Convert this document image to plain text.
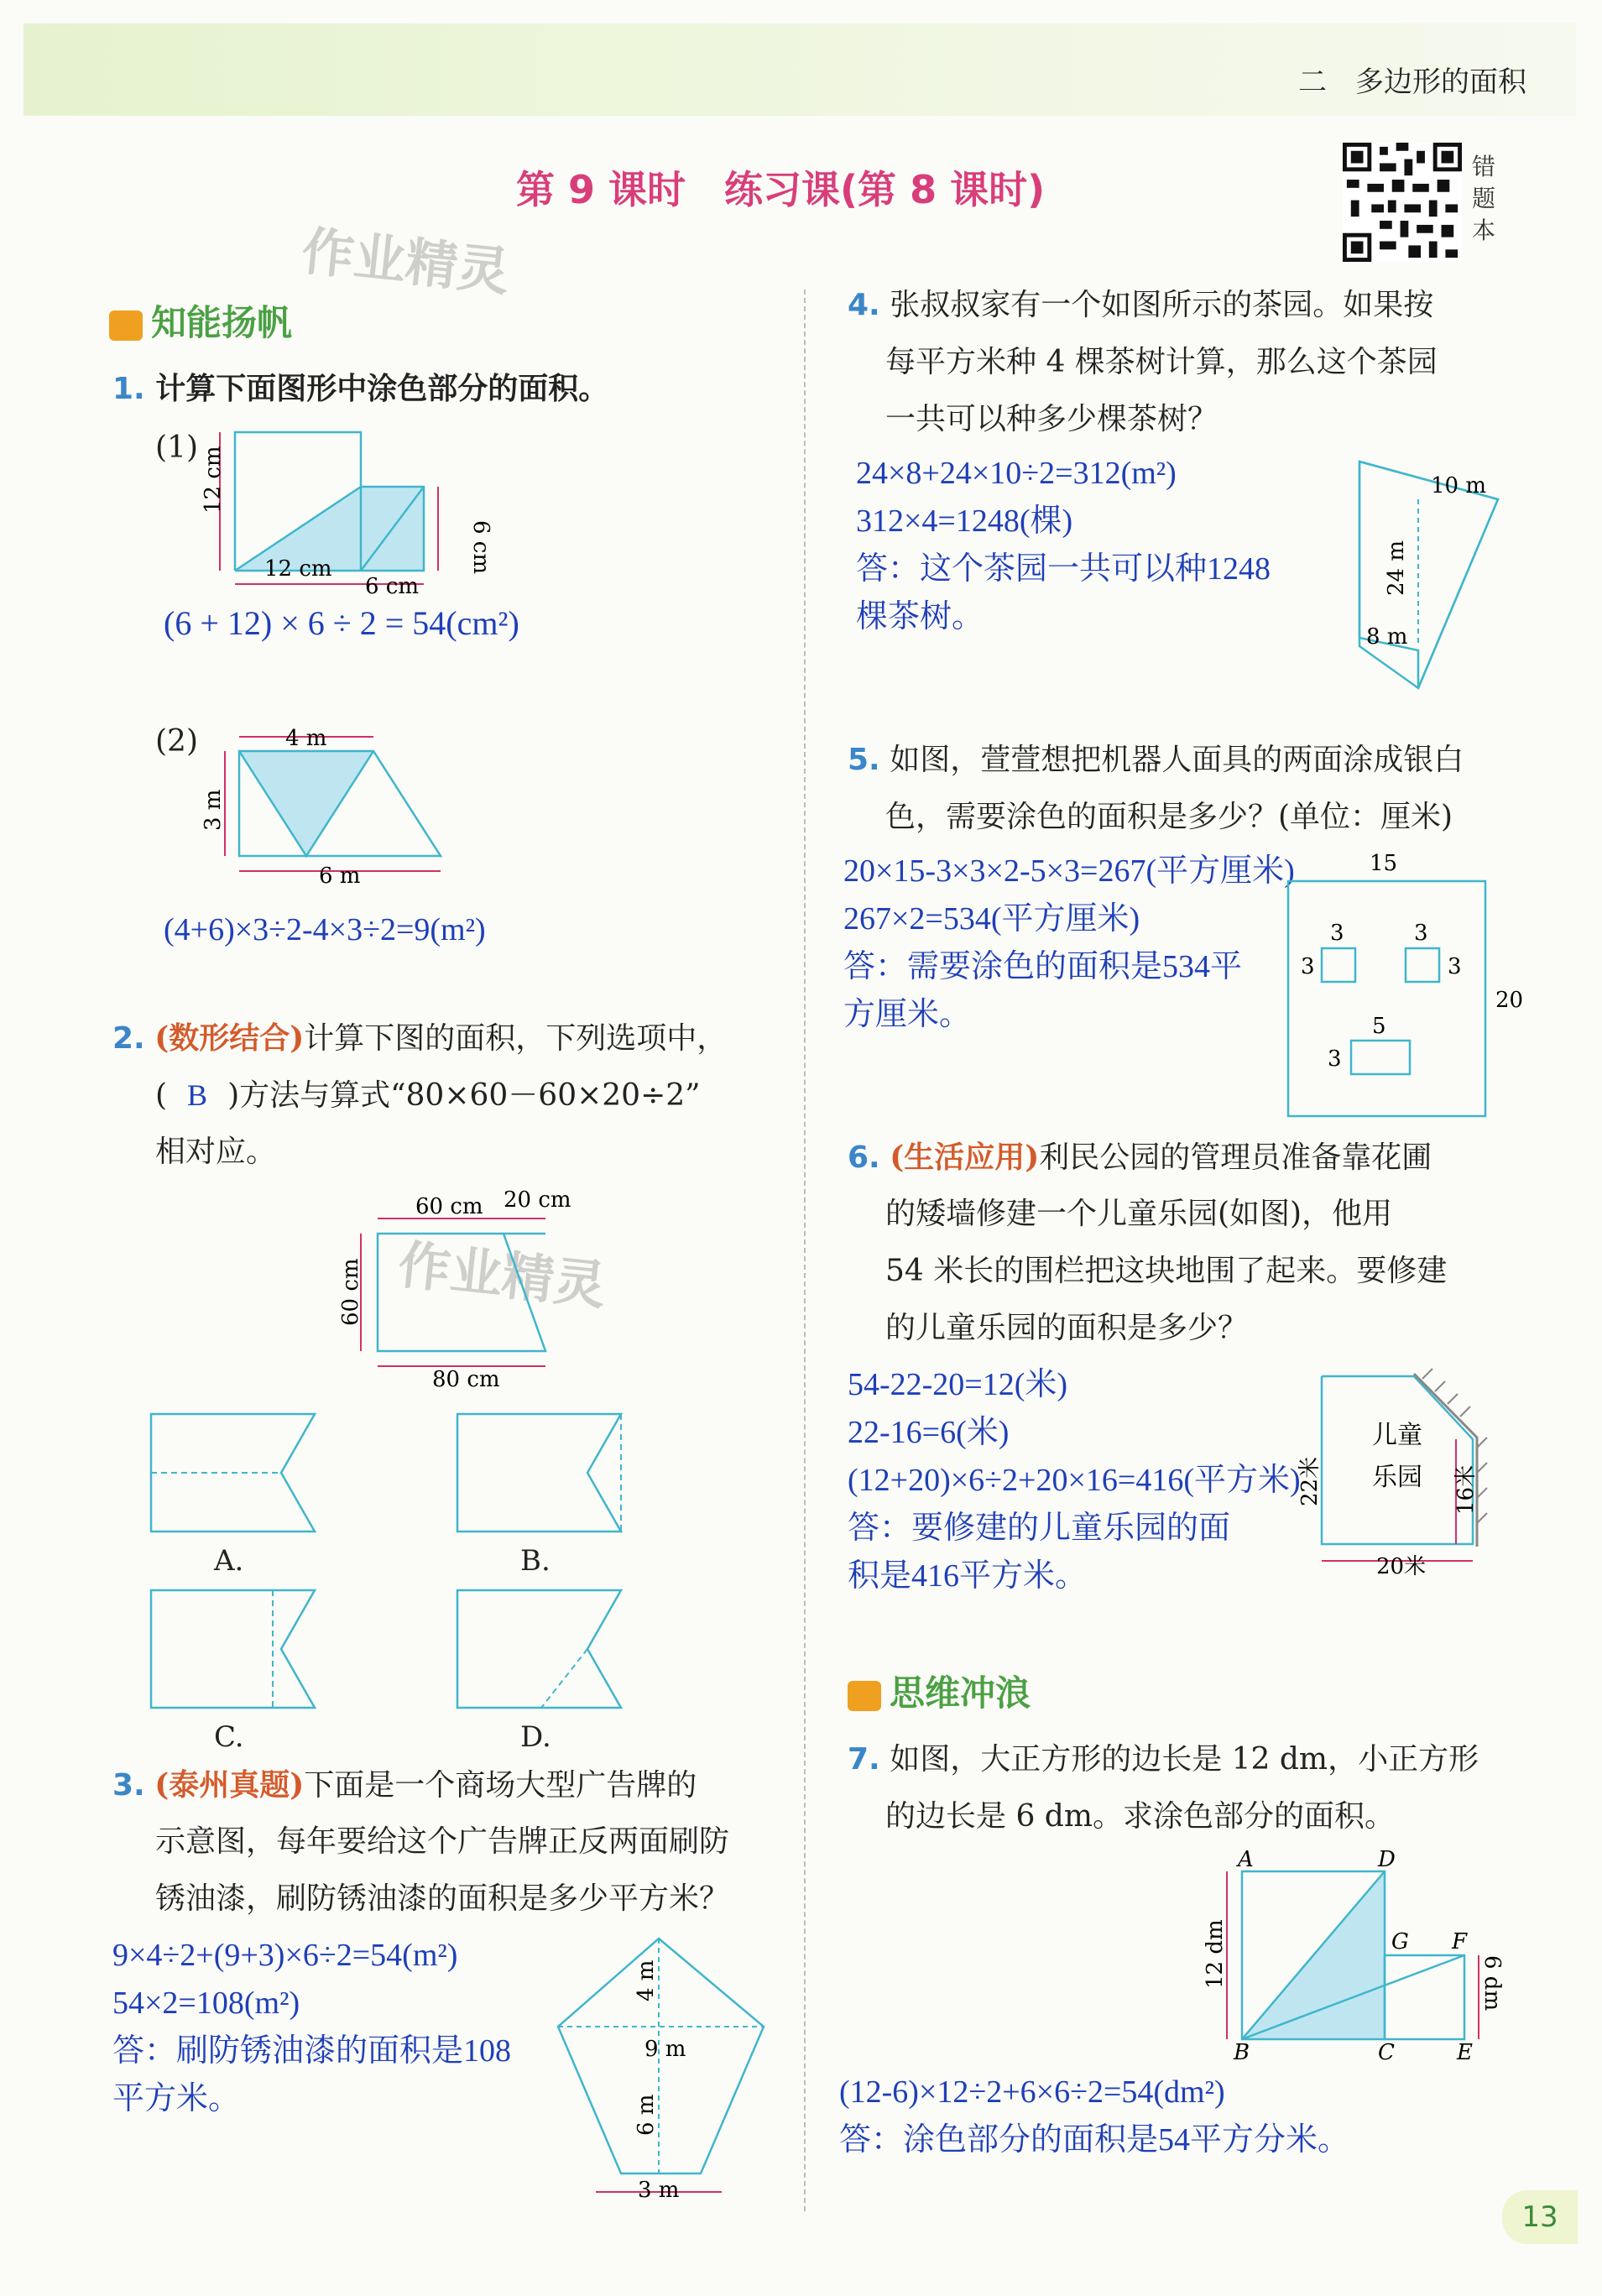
二　多边形的面积
第 9 课时　练习课(第 8 课时)
错题本
作业精灵
作业精灵
知能扬帆
1. 计算下面图形中涂色部分的面积。
(1) 12 cm
12 cm
6 cm
6 cm
(6 + 12) × 6 ÷ 2 = 54(cm²)
(2)	4 m
3 m
6 m
(4+6)×3÷2-4×3÷2=9(m²)
2. (数形结合)计算下图的面积，下列选项中，
( B )方法与算式“80×60－60×20÷2”
相对应。
60 cm 20 cm
60 cm
80 cm
A.	B.
C.	D.
3. (泰州真题)下面是一个商场大型广告牌的
示意图，每年要给这个广告牌正反两面刷防
锈油漆，刷防锈油漆的面积是多少平方米？
9×4÷2+(9+3)×6÷2=54(m²)
54×2=108(m²)
答：刷防锈油漆的面积是108
平方米。
4 m
9 m
6 m
3 m
4. 张叔叔家有一个如图所示的茶园。如果按
每平方米种 4 棵茶树计算，那么这个茶园
一共可以种多少棵茶树？
24×8+24×10÷2=312(m²)
312×4=1248(棵)
答：这个茶园一共可以种1248
棵茶树。
10 m
24 m
8 m
5. 如图，萱萱想把机器人面具的两面涂成银白
色，需要涂色的面积是多少？(单位：厘米)
20×15-3×3×2-5×3=267(平方厘米)
267×2=534(平方厘米)
答：需要涂色的面积是534平
方厘米。
15
3	3
3	3
20
5
3
6. (生活应用)利民公园的管理员准备靠花圃
的矮墙修建一个儿童乐园(如图)，他用
54 米长的围栏把这块地围了起来。要修建
的儿童乐园的面积是多少？
54-22-20=12(米)
22-16=6(米)
(12+20)×6÷2+20×16=416(平方米)
答：要修建的儿童乐园的面
积是416平方米。
儿童
乐园
22米	16米
20米
思维冲浪
7. 如图，大正方形的边长是 12 dm，小正方形
的边长是 6 dm。求涂色部分的面积。
A	D
G F
B	C	E
12 dm	6 dm
(12-6)×12÷2+6×6÷2=54(dm²)
答：涂色部分的面积是54平方分米。
13
